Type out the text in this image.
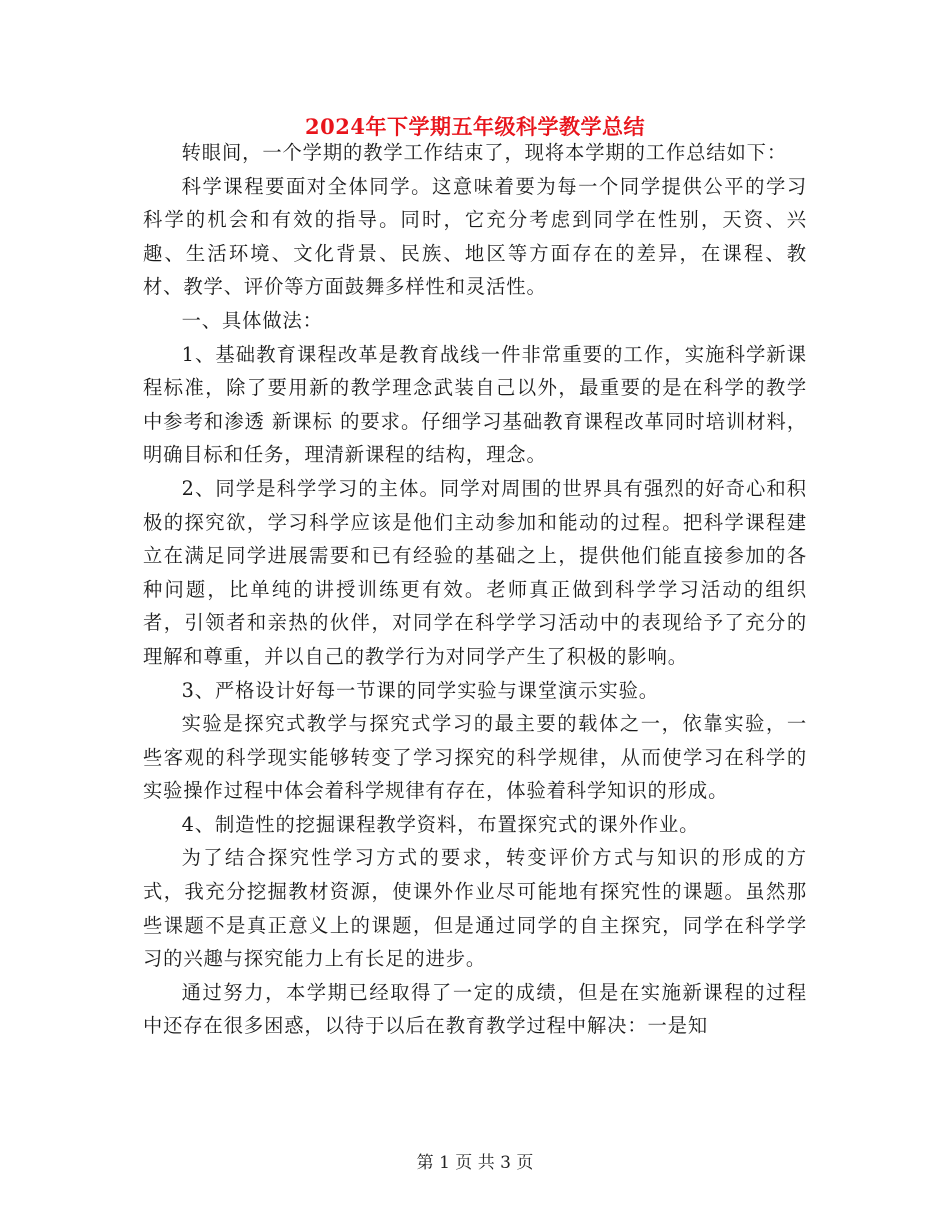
2024年下学期五年级科学教学总结

转眼间，一个学期的教学工作结束了，现将本学期的工作总结如下：

科学课程要面对全体同学。这意味着要为每一个同学提供公平的学习科学的机会和有效的指导。同时，它充分考虑到同学在性别，天资、兴趣、生活环境、文化背景、民族、地区等方面存在的差异，在课程、教材、教学、评价等方面鼓舞多样性和灵活性。

一、具体做法：

1、基础教育课程改革是教育战线一件非常重要的工作，实施科学新课程标准，除了要用新的教学理念武装自己以外，最重要的是在科学的教学中参考和渗透 新课标 的要求。仔细学习基础教育课程改革同时培训材料，明确目标和任务，理清新课程的结构，理念。

2、同学是科学学习的主体。同学对周围的世界具有强烈的好奇心和积极的探究欲，学习科学应该是他们主动参加和能动的过程。把科学课程建立在满足同学进展需要和已有经验的基础之上，提供他们能直接参加的各种问题，比单纯的讲授训练更有效。老师真正做到科学学习活动的组织者，引领者和亲热的伙伴，对同学在科学学习活动中的表现给予了充分的理解和尊重，并以自己的教学行为对同学产生了积极的影响。

3、严格设计好每一节课的同学实验与课堂演示实验。

实验是探究式教学与探究式学习的最主要的载体之一，依靠实验，一些客观的科学现实能够转变了学习探究的科学规律，从而使学习在科学的实验操作过程中体会着科学规律有存在，体验着科学知识的形成。

4、制造性的挖掘课程教学资料，布置探究式的课外作业。

为了结合探究性学习方式的要求，转变评价方式与知识的形成的方式，我充分挖掘教材资源，使课外作业尽可能地有探究性的课题。虽然那些课题不是真正意义上的课题，但是通过同学的自主探究，同学在科学学习的兴趣与探究能力上有长足的进步。

通过努力，本学期已经取得了一定的成绩，但是在实施新课程的过程中还存在很多困惑，以待于以后在教育教学过程中解决：一是知

第 1 页 共 3 页
